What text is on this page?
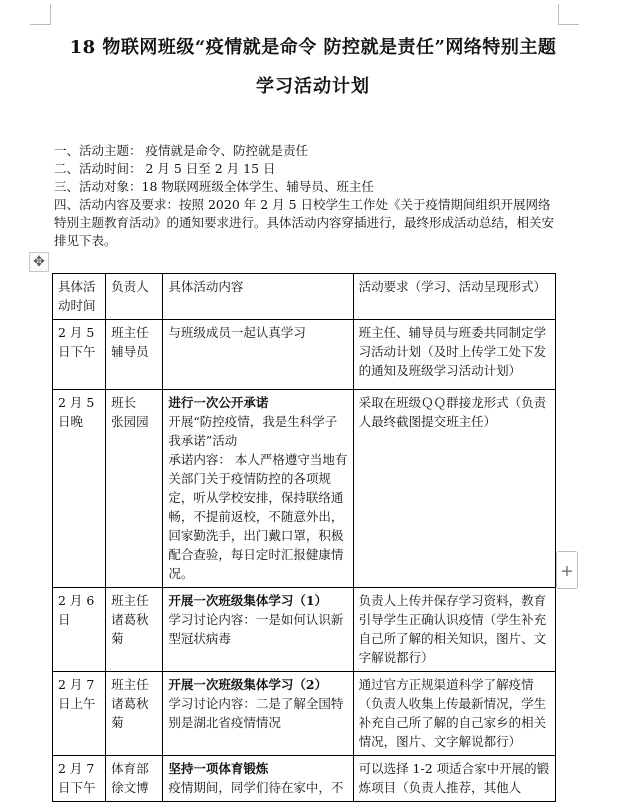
18 物联网班级“疫情就是命令 防控就是责任”网络特别主题
学习活动计划

一、活动主题： 疫情就是命令、防控就是责任

二、活动时间： 2 月 5 日至 2 月 15 日

三、活动对象：18 物联网班级全体学生、辅导员、班主任

四、活动内容及要求：按照 2020 年 2 月 5 日校学生工作处《关于疫情期间组织开展网络特别主题教育活动》的通知要求进行。具体活动内容穿插进行，最终形成活动总结，相关安排见下表。

✥
+
具体活动时间	负责人	具体活动内容	活动要求（学习、活动呈现形式）
2 月 5 日下午	班主任
辅导员	与班级成员一起认真学习	班主任、辅导员与班委共同制定学习活动计划（及时上传学工处下发的通知及班级学习活动计划）
2 月 5 日晚	班长
张园园	进行一次公开承诺
开展“防控疫情，我是生科学子我承诺”活动
承诺内容： 本人严格遵守当地有关部门关于疫情防控的各项规定，听从学校安排，保持联络通畅，不提前返校，不随意外出，回家勤洗手，出门戴口罩，积极配合查验，每日定时汇报健康情况。	采取在班级ＱＱ群接龙形式（负责人最终截图提交班主任）
2 月 6 日	班主任
诸葛秋菊	开展一次班级集体学习（1）
学习讨论内容：一是如何认识新型冠状病毒	负责人上传并保存学习资料，教育引导学生正确认识疫情（学生补充自己所了解的相关知识，图片、文字解说都行）
2 月 7 日上午	班主任
诸葛秋菊	开展一次班级集体学习（2）
学习讨论内容：二是了解全国特别是湖北省疫情情况	通过官方正规渠道科学了解疫情（负责人收集上传最新情况，学生补充自己所了解的自己家乡的相关情况，图片、文字解说都行）
2 月 7 日下午	体育部
徐文博	坚持一项体育锻炼
疫情期间，同学们待在家中，不	可以选择 1-2 项适合家中开展的锻炼项目（负责人推荐，其他人
